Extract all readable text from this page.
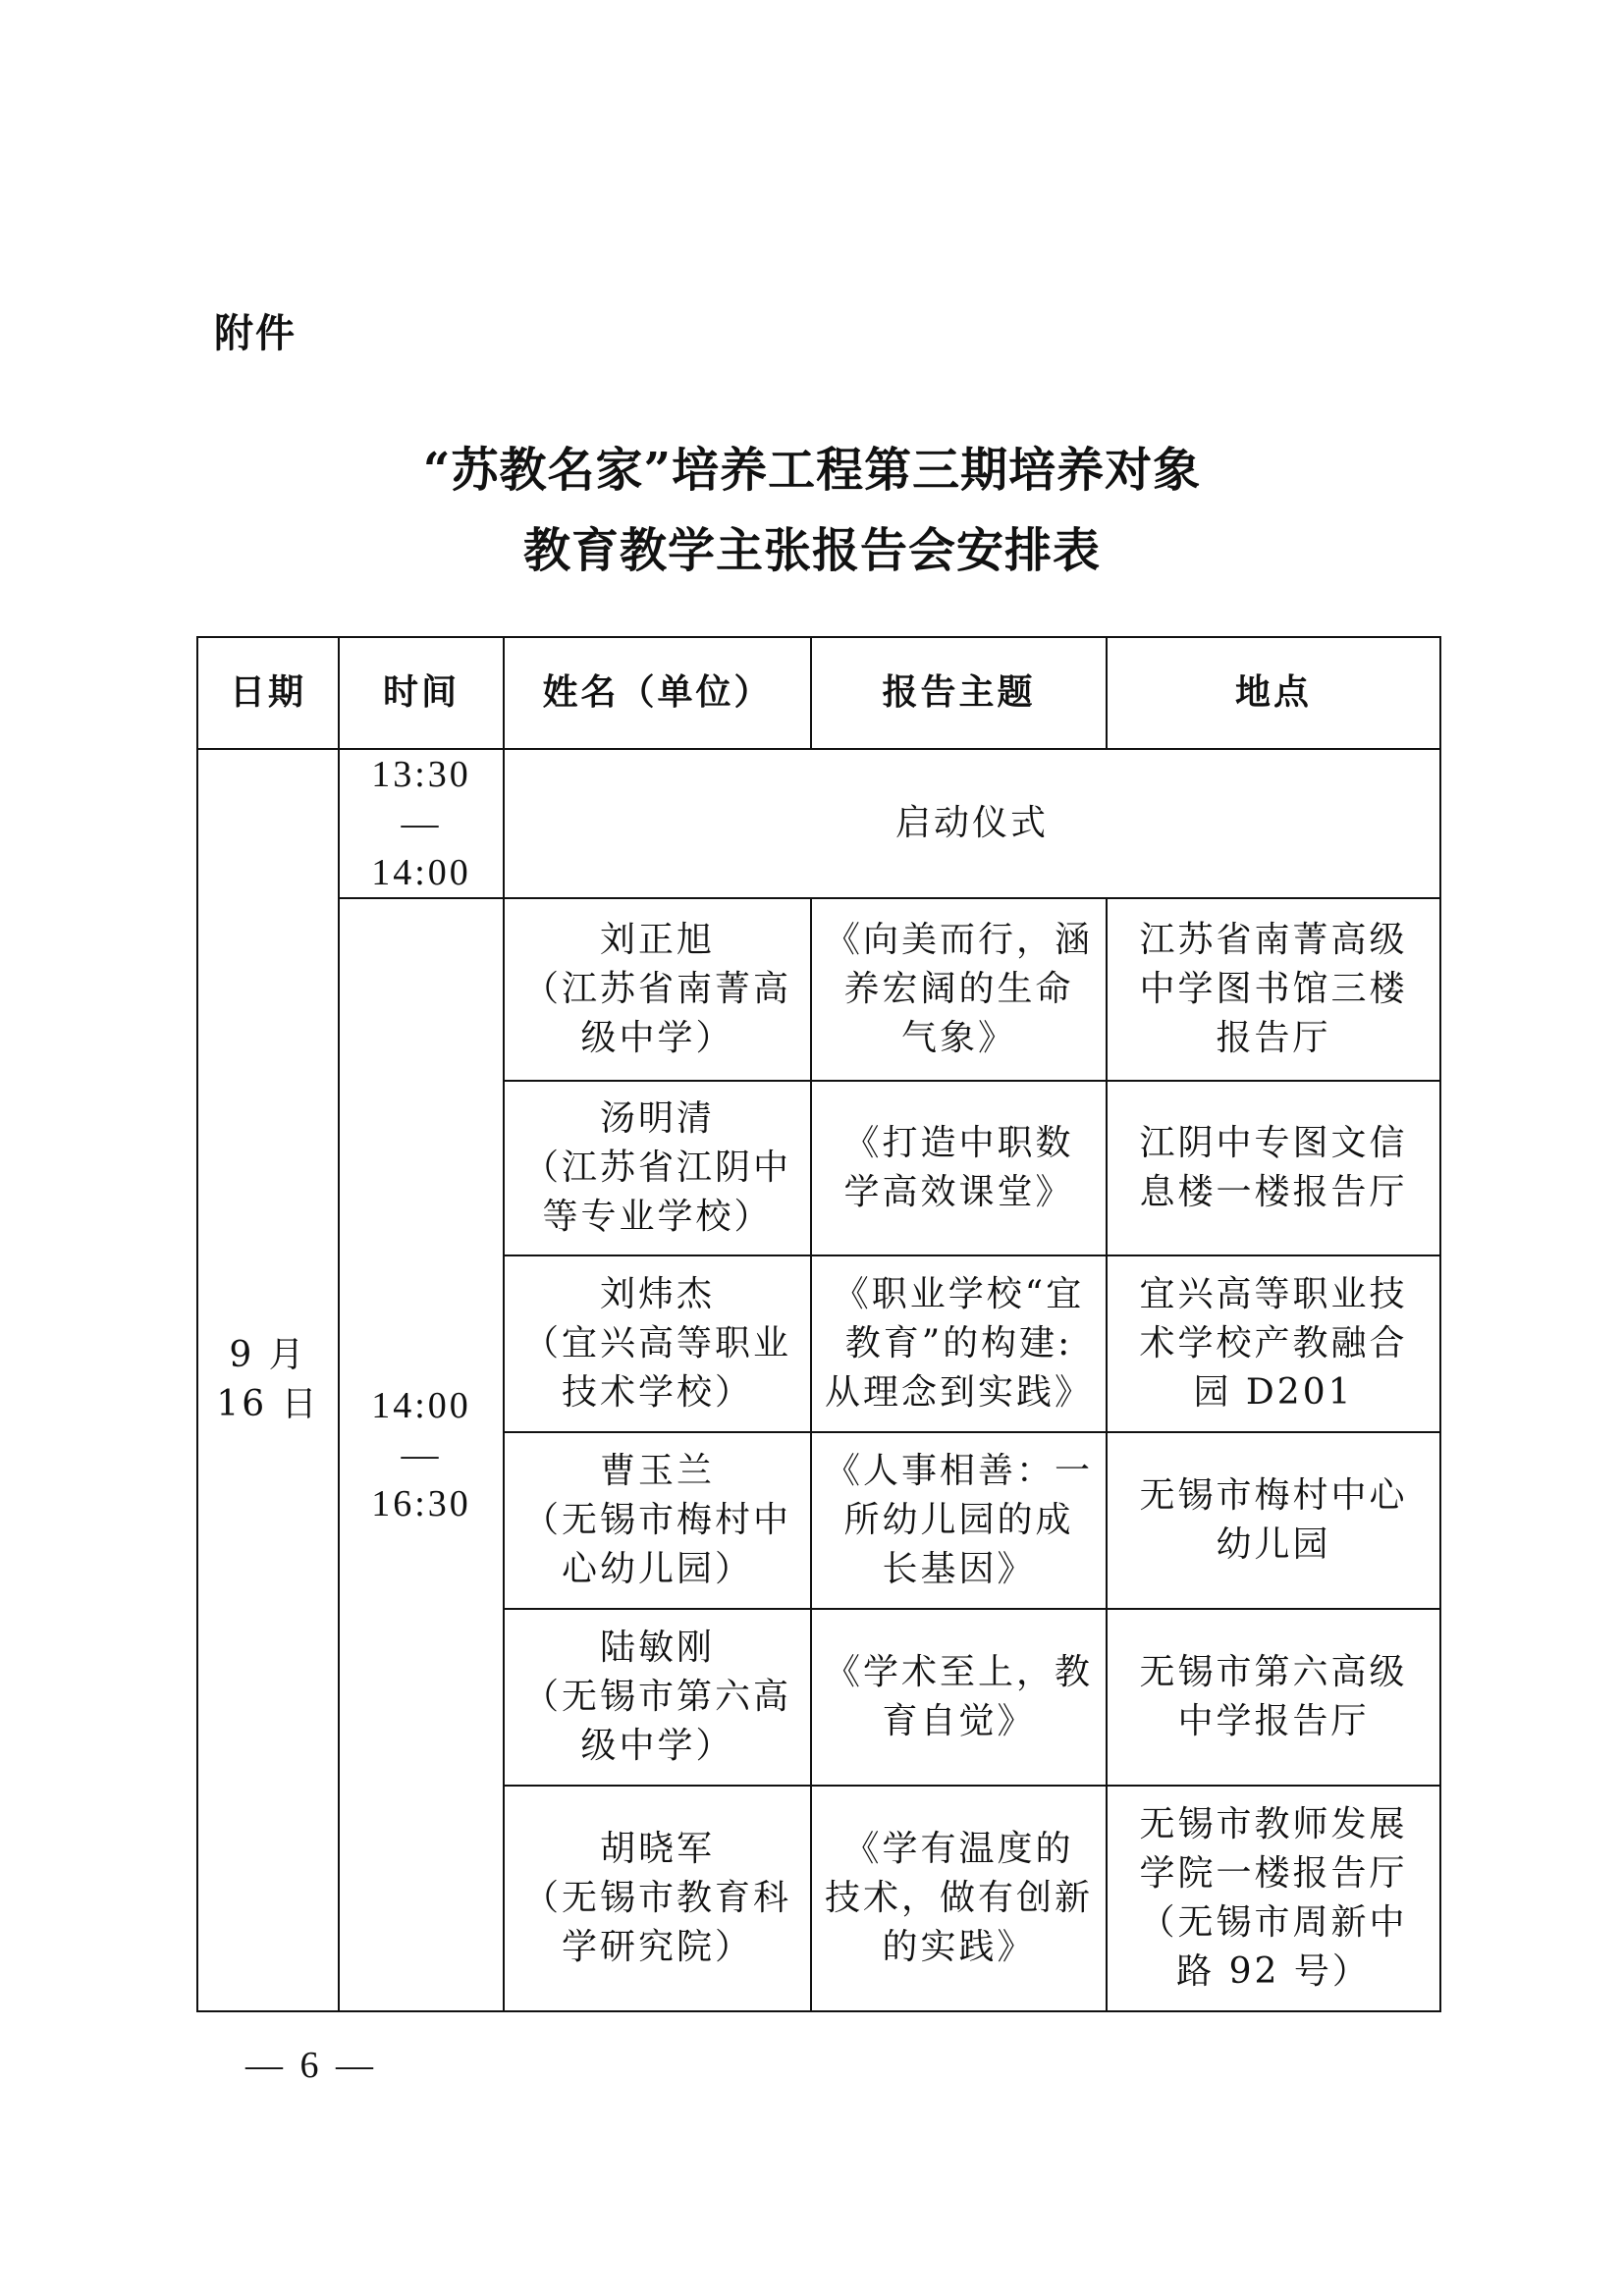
附件
“苏教名家”培养工程第三期培养对象
教育教学主张报告会安排表
日期	时间	姓名（单位）	报告主题	地点

9 月
16 日	13:30—
14:00	启动仪式		

	14:00—
16:30	刘正旭
（江苏省南菁高
级中学）	《向美而行，涵
养宏阔的生命
气象》	江苏省南菁高级
中学图书馆三楼
报告厅

		汤明清
（江苏省江阴中
等专业学校）	《打造中职数
学高效课堂》	江阴中专图文信
息楼一楼报告厅

		刘炜杰
（宜兴高等职业
技术学校）	《职业学校“宜
教育”的构建:
从理念到实践》	宜兴高等职业技
术学校产教融合
园 D201

		曹玉兰
（无锡市梅村中
心幼儿园）	《人事相善：一
所幼儿园的成
长基因》	无锡市梅村中心
幼儿园

		陆敏刚
（无锡市第六高
级中学）	《学术至上，教
育自觉》	无锡市第六高级
中学报告厅

		胡晓军
（无锡市教育科
学研究院）	《学有温度的
技术，做有创新
的实践》	无锡市教师发展
学院一楼报告厅
（无锡市周新中
路 92 号）
— 6 —
